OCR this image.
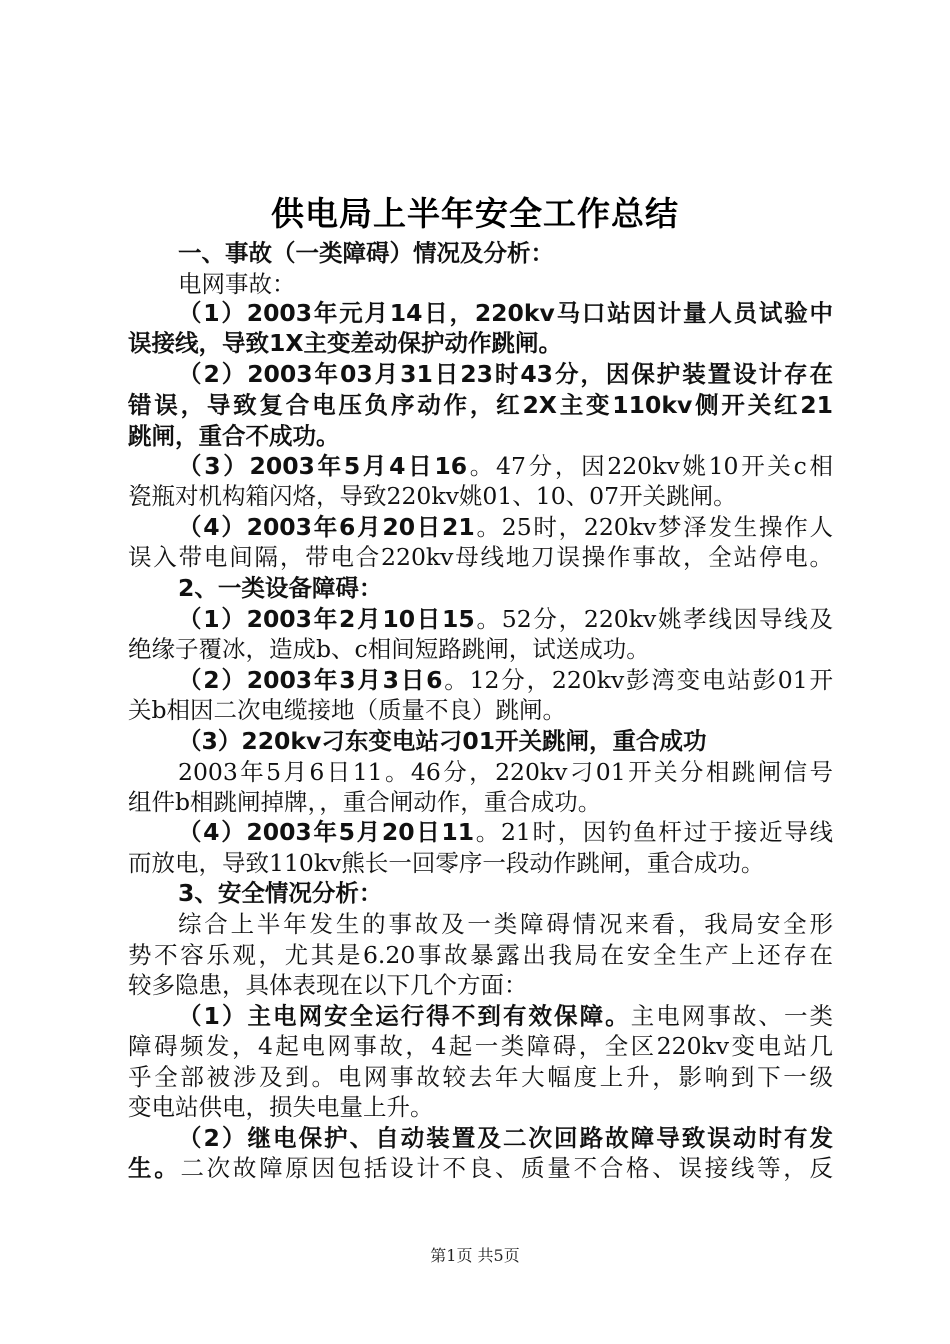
供电局上半年安全工作总结
一、事故（一类障碍）情况及分析：
电网事故：
（1）2003年元月14日，220kv马口站因计量人员试验中
误接线，导致1X主变差动保护动作跳闸。
（2）2003年03月31日23时43分，因保护装置设计存在
错误，导致复合电压负序动作，红2X主变110kv侧开关红21
跳闸，重合不成功。
（3）2003年5月4日16。47分，因220kv姚10开关c相
瓷瓶对机构箱闪烙，导致220kv姚01、10、07开关跳闸。
（4）2003年6月20日21。25时，220kv梦泽发生操作人
误入带电间隔，带电合220kv母线地刀误操作事故，全站停电。
2、一类设备障碍：
（1）2003年2月10日15。52分，220kv姚孝线因导线及
绝缘子覆冰，造成b、c相间短路跳闸，试送成功。
（2）2003年3月3日6。12分，220kv彭湾变电站彭01开
关b相因二次电缆接地（质量不良）跳闸。
（3）220kv刁东变电站刁01开关跳闸，重合成功
2003年5月6日11。46分，220kv刁01开关分相跳闸信号
组件b相跳闸掉牌，，重合闸动作，重合成功。
（4）2003年5月20日11。21时，因钓鱼杆过于接近导线
而放电，导致110kv熊长一回零序一段动作跳闸，重合成功。
3、安全情况分析：
综合上半年发生的事故及一类障碍情况来看，我局安全形
势不容乐观，尤其是6.20事故暴露出我局在安全生产上还存在
较多隐患，具体表现在以下几个方面：
（1）主电网安全运行得不到有效保障。主电网事故、一类
障碍频发，4起电网事故，4起一类障碍，全区220kv变电站几
乎全部被涉及到。电网事故较去年大幅度上升，影响到下一级
变电站供电，损失电量上升。
（2）继电保护、自动装置及二次回路故障导致误动时有发
生。二次故障原因包括设计不良、质量不合格、误接线等，反
第1页 共5页
